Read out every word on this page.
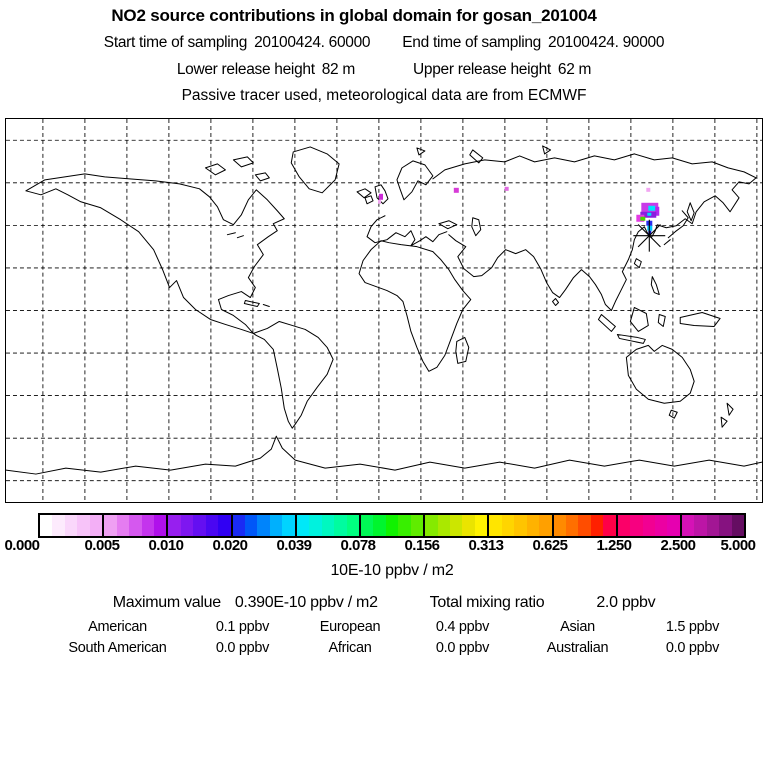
NO2 source contributions in global domain for gosan_201004
Start time of sampling 20100424. 60000 End time of sampling 20100424. 90000
Lower release height 82 m	Upper release height 62 m
Passive tracer used, meteorological data are from ECMWF
0.000	0.005	0.010	0.020	0.039	0.078	0.156	0.313	0.625	1.250	2.500	5.000
10E-10 ppbv / m2
Maximum value 0.390E-10 ppbv / m2	Total mixing ratio	2.0 ppbv
American	0.1 ppbv	European	0.4 ppbv	Asian	1.5 ppbv
South American	0.0 ppbv	African	0.0 ppbv	Australian	0.0 ppbv
